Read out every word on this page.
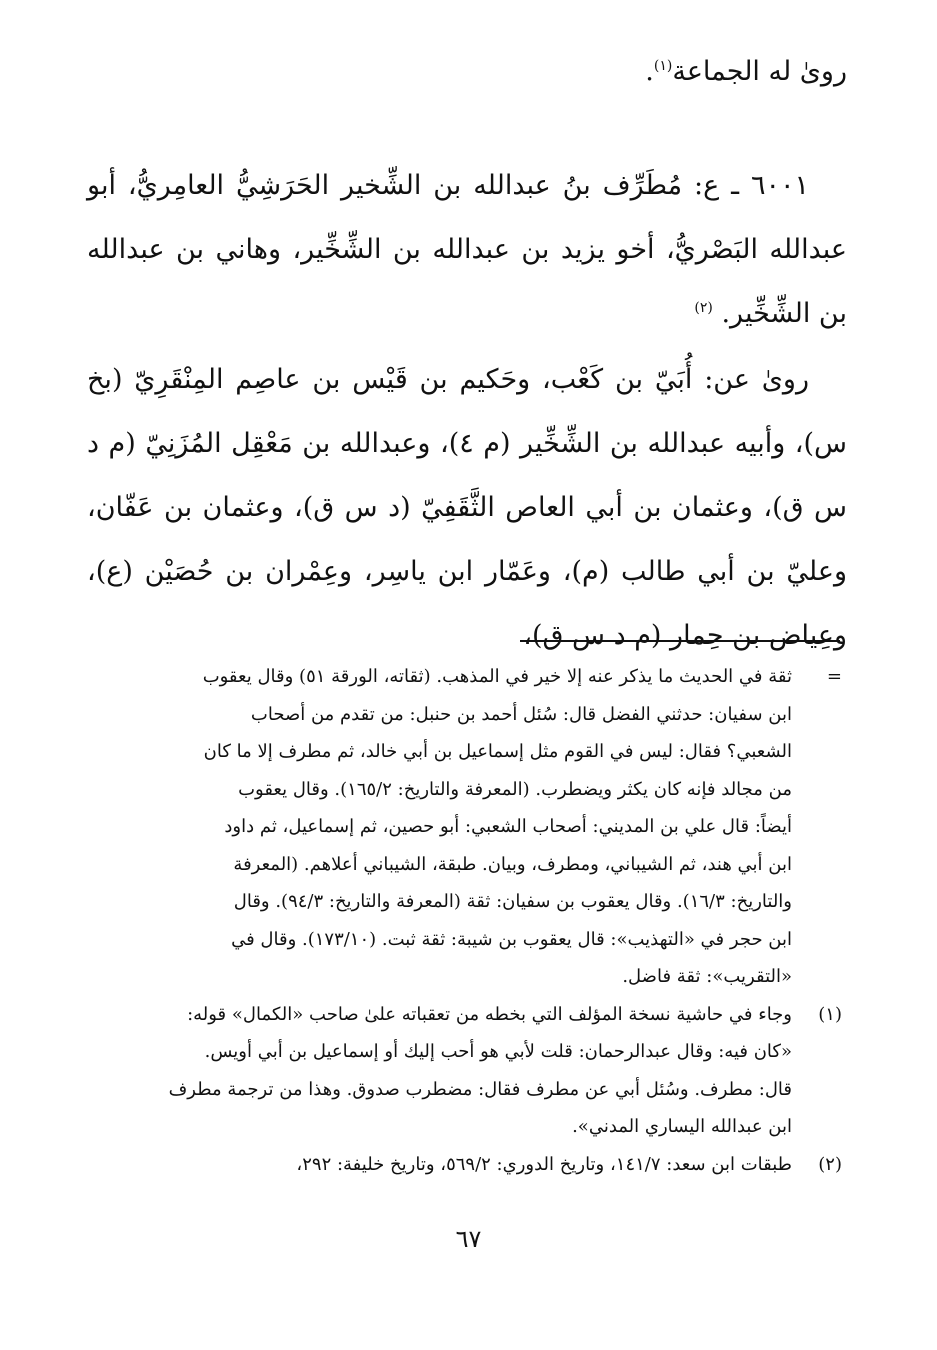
روىٰ له الجماعة$^{(١)}$.

٦٠٠١ ـ ع: مُطَرِّف بنُ عبدالله بن الشِّخير الحَرَشِيُّ العامِريُّ، أبو عبدالله البَصْريُّ، أخو يزيد بن عبدالله بن الشِّخِّير، وهاني بن عبدالله بن الشِّخِّير. $^{(٢)}$

روىٰ عن: أُبَيّ بن كَعْب، وحَكيم بن قَيْس بن عاصِم المِنْقَرِيّ (بخ س)، وأبيه عبدالله بن الشِّخِّير (م ٤)، وعبدالله بن مَعْقِل المُزَنِيّ (م د س ق)، وعثمان بن أبي العاص الثَّقَفِيّ (د س ق)، وعثمان بن عَفّان، وعليّ بن أبي طالب (م)، وعَمّار ابن ياسِر، وعِمْران بن حُصَيْن (ع)، وعِياض بن حِمار (م د س ق)،

=
ثقة في الحديث ما يذكر عنه إلا خير في المذهب. (ثقاته، الورقة ٥١) وقال يعقوب
ابن سفيان: حدثني الفضل قال: سُئل أحمد بن حنبل: من تقدم من أصحاب
الشعبي؟ فقال: ليس في القوم مثل إسماعيل بن أبي خالد، ثم مطرف إلا ما كان
من مجالد فإنه كان يكثر ويضطرب. (المعرفة والتاريخ: ١٦٥/٢). وقال يعقوب
أيضاً: قال علي بن المديني: أصحاب الشعبي: أبو حصين، ثم إسماعيل، ثم داود
ابن أبي هند، ثم الشيباني، ومطرف، وبيان. طبقة، الشيباني أعلاهم. (المعرفة
والتاريخ: ١٦/٣). وقال يعقوب بن سفيان: ثقة (المعرفة والتاريخ: ٩٤/٣). وقال
ابن حجر في «التهذيب»: قال يعقوب بن شيبة: ثقة ثبت. (١٧٣/١٠). وقال في
«التقريب»: ثقة فاضل.
(١)
وجاء في حاشية نسخة المؤلف التي بخطه من تعقباته علىٰ صاحب «الكمال» قوله:
«كان فيه: وقال عبدالرحمان: قلت لأبي هو أحب إليك أو إسماعيل بن أبي أويس.
قال: مطرف. وسُئل أبي عن مطرف فقال: مضطرب صدوق. وهذا من ترجمة مطرف
ابن عبدالله اليساري المدني».
(٢)
طبقات ابن سعد: ١٤١/٧، وتاريخ الدوري: ٥٦٩/٢، وتاريخ خليفة: ٢٩٢،
٦٧
